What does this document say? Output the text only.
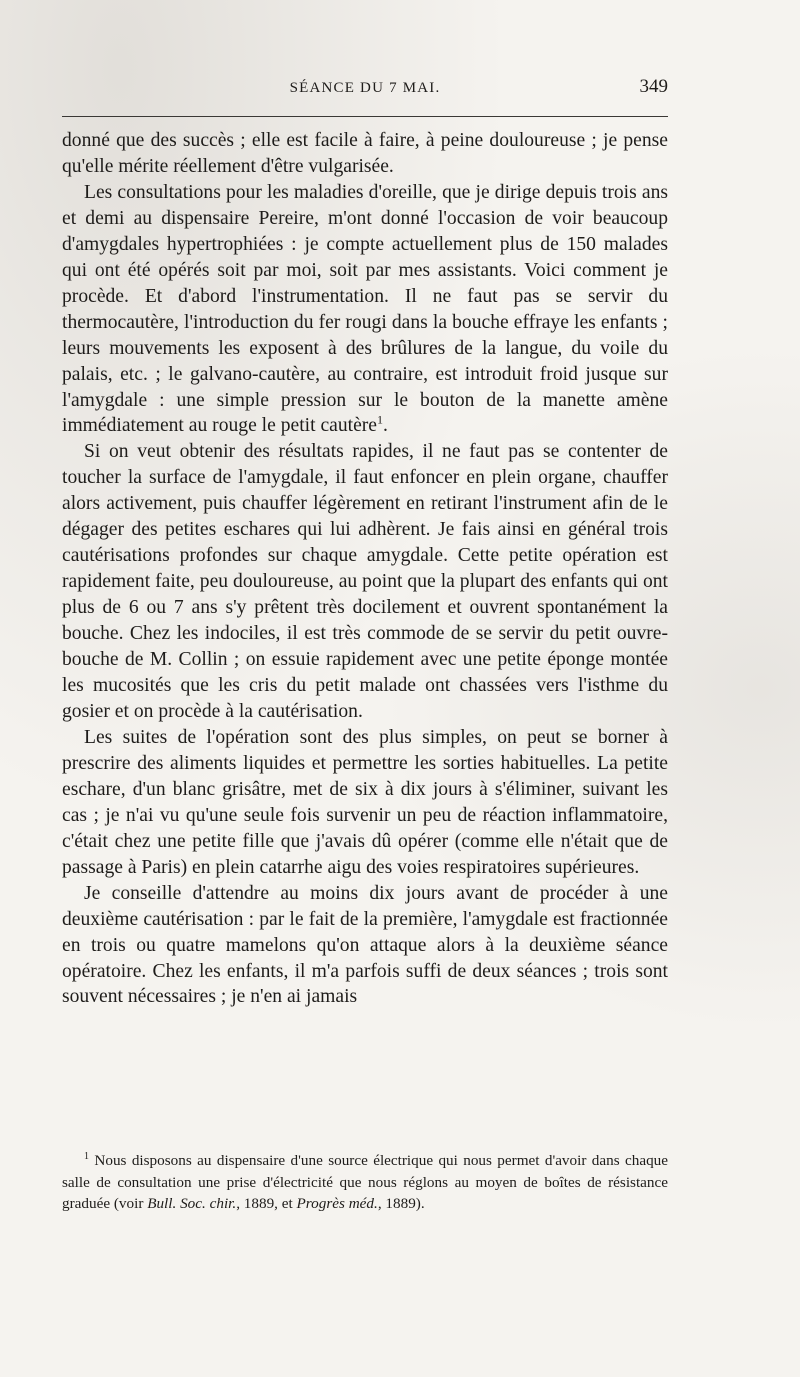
SÉANCE DU 7 MAI.	349

donné que des succès ; elle est facile à faire, à peine douloureuse ; je pense qu'elle mérite réellement d'être vulgarisée.

Les consultations pour les maladies d'oreille, que je dirige depuis trois ans et demi au dispensaire Pereire, m'ont donné l'occasion de voir beaucoup d'amygdales hypertrophiées : je compte actuellement plus de 150 malades qui ont été opérés soit par moi, soit par mes assistants. Voici comment je procède. Et d'abord l'instrumentation. Il ne faut pas se servir du thermocautère, l'introduction du fer rougi dans la bouche effraye les enfants ; leurs mouvements les exposent à des brûlures de la langue, du voile du palais, etc. ; le galvano-cautère, au contraire, est introduit froid jusque sur l'amygdale : une simple pression sur le bouton de la manette amène immédiatement au rouge le petit cautère$^1$.

Si on veut obtenir des résultats rapides, il ne faut pas se contenter de toucher la surface de l'amygdale, il faut enfoncer en plein organe, chauffer alors activement, puis chauffer légèrement en retirant l'instrument afin de le dégager des petites eschares qui lui adhèrent. Je fais ainsi en général trois cautérisations profondes sur chaque amygdale. Cette petite opération est rapidement faite, peu douloureuse, au point que la plupart des enfants qui ont plus de 6 ou 7 ans s'y prêtent très docilement et ouvrent spontanément la bouche. Chez les indociles, il est très commode de se servir du petit ouvre-bouche de M. Collin ; on essuie rapidement avec une petite éponge montée les mucosités que les cris du petit malade ont chassées vers l'isthme du gosier et on procède à la cautérisation.

Les suites de l'opération sont des plus simples, on peut se borner à prescrire des aliments liquides et permettre les sorties habituelles. La petite eschare, d'un blanc grisâtre, met de six à dix jours à s'éliminer, suivant les cas ; je n'ai vu qu'une seule fois survenir un peu de réaction inflammatoire, c'était chez une petite fille que j'avais dû opérer (comme elle n'était que de passage à Paris) en plein catarrhe aigu des voies respiratoires supérieures.

Je conseille d'attendre au moins dix jours avant de procéder à une deuxième cautérisation : par le fait de la première, l'amygdale est fractionnée en trois ou quatre mamelons qu'on attaque alors à la deuxième séance opératoire. Chez les enfants, il m'a parfois suffi de deux séances ; trois sont souvent nécessaires ; je n'en ai jamais

$^1$ Nous disposons au dispensaire d'une source électrique qui nous permet d'avoir dans chaque salle de consultation une prise d'électricité que nous réglons au moyen de boîtes de résistance graduée (voir Bull. Soc. chir., 1889, et Progrès méd., 1889).
